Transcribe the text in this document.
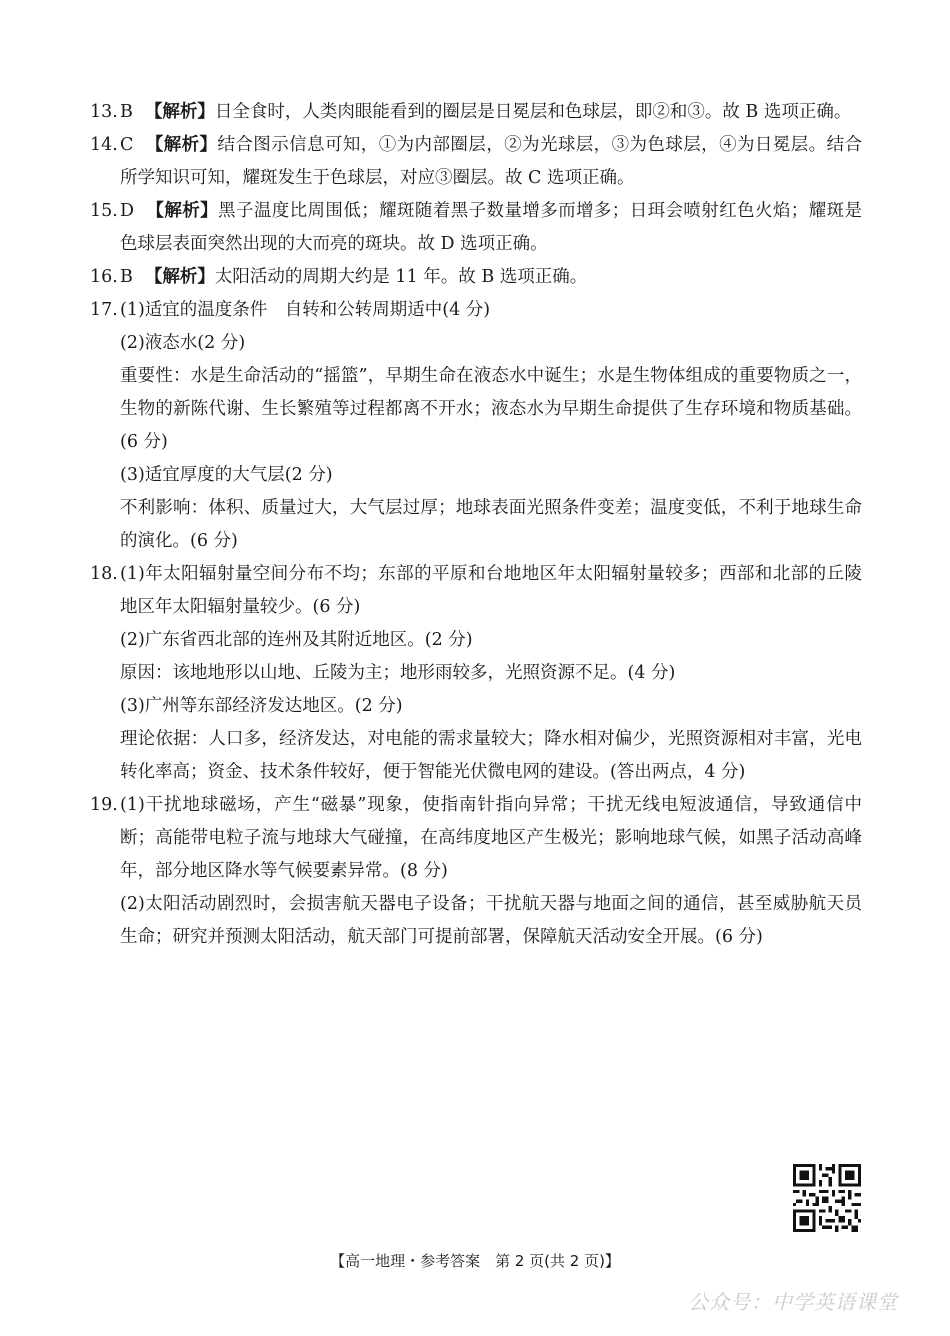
13. B 【解析】日全食时，人类肉眼能看到的圈层是日冕层和色球层，即②和③。故 B 选项正确。

14. C 【解析】结合图示信息可知，①为内部圈层，②为光球层，③为色球层，④为日冕层。结合所学知识可知，耀斑发生于色球层，对应③圈层。故 C 选项正确。

15. D 【解析】黑子温度比周围低；耀斑随着黑子数量增多而增多；日珥会喷射红色火焰；耀斑是色球层表面突然出现的大而亮的斑块。故 D 选项正确。

16. B 【解析】太阳活动的周期大约是 11 年。故 B 选项正确。

17. (1)适宜的温度条件　自转和公转周期适中(4 分)

(2)液态水(2 分)

重要性：水是生命活动的“摇篮”，早期生命在液态水中诞生；水是生物体组成的重要物质之一，生物的新陈代谢、生长繁殖等过程都离不开水；液态水为早期生命提供了生存环境和物质基础。(6 分)

(3)适宜厚度的大气层(2 分)

不利影响：体积、质量过大，大气层过厚；地球表面光照条件变差；温度变低，不利于地球生命的演化。(6 分)

18. (1)年太阳辐射量空间分布不均；东部的平原和台地地区年太阳辐射量较多；西部和北部的丘陵地区年太阳辐射量较少。(6 分)

(2)广东省西北部的连州及其附近地区。(2 分)

原因：该地地形以山地、丘陵为主；地形雨较多，光照资源不足。(4 分)

(3)广州等东部经济发达地区。(2 分)

理论依据：人口多，经济发达，对电能的需求量较大；降水相对偏少，光照资源相对丰富，光电转化率高；资金、技术条件较好，便于智能光伏微电网的建设。(答出两点，4 分)

19. (1)干扰地球磁场，产生“磁暴”现象，使指南针指向异常；干扰无线电短波通信，导致通信中断；高能带电粒子流与地球大气碰撞，在高纬度地区产生极光；影响地球气候，如黑子活动高峰年，部分地区降水等气候要素异常。(8 分)

(2)太阳活动剧烈时，会损害航天器电子设备；干扰航天器与地面之间的通信，甚至威胁航天员生命；研究并预测太阳活动，航天部门可提前部署，保障航天活动安全开展。(6 分)

【高一地理・参考答案　第 2 页(共 2 页)】
公众号：中学英语课堂
